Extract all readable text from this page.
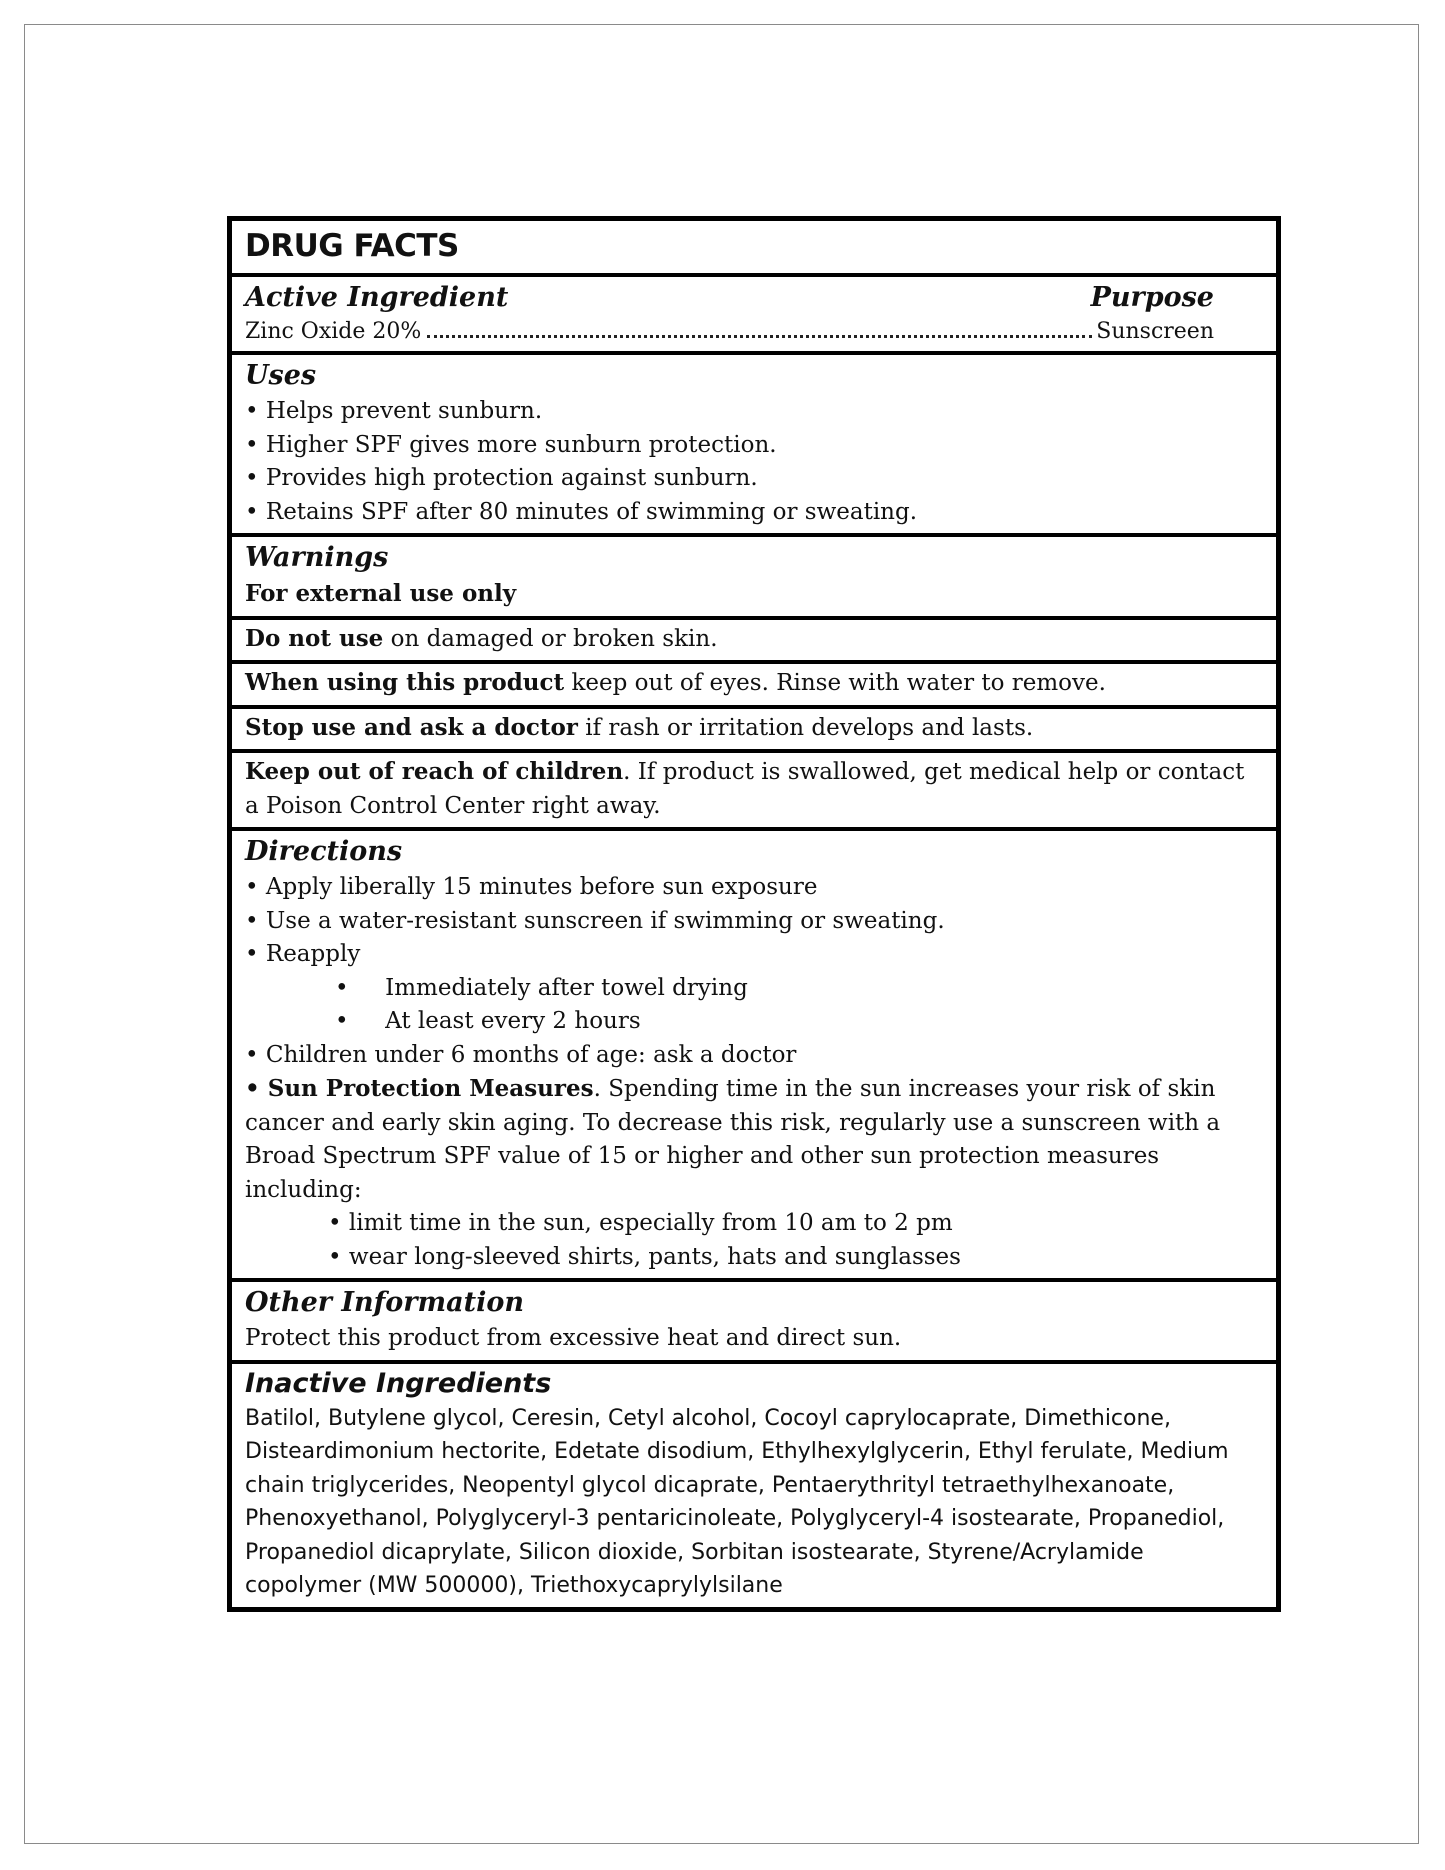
DRUG FACTS
Active Ingredient	Purpose
Zinc Oxide 20%	Sunscreen
Uses
• Helps prevent sunburn.
• Higher SPF gives more sunburn protection.
• Provides high protection against sunburn.
• Retains SPF after 80 minutes of swimming or sweating.
Warnings
For external use only
Do not use on damaged or broken skin.
When using this product keep out of eyes. Rinse with water to remove.
Stop use and ask a doctor if rash or irritation develops and lasts.
Keep out of reach of children. If product is swallowed, get medical help or contact a Poison Control Center right away.
Directions
• Apply liberally 15 minutes before sun exposure
• Use a water-resistant sunscreen if swimming or sweating.
• Reapply
•     Immediately after towel drying
•     At least every 2 hours
• Children under 6 months of age: ask a doctor
• Sun Protection Measures. Spending time in the sun increases your risk of skin cancer and early skin aging. To decrease this risk, regularly use a sunscreen with a Broad Spectrum SPF value of 15 or higher and other sun protection measures including:
• limit time in the sun, especially from 10 am to 2 pm
• wear long-sleeved shirts, pants, hats and sunglasses
Other Information
Protect this product from excessive heat and direct sun.
Inactive Ingredients
Batilol, Butylene glycol, Ceresin, Cetyl alcohol, Cocoyl caprylocaprate, Dimethicone, Disteardimonium hectorite, Edetate disodium, Ethylhexylglycerin, Ethyl ferulate, Medium chain triglycerides, Neopentyl glycol dicaprate, Pentaerythrityl tetraethylhexanoate, Phenoxyethanol, Polyglyceryl-3 pentaricinoleate, Polyglyceryl-4 isostearate, Propanediol, Propanediol dicaprylate, Silicon dioxide, Sorbitan isostearate, Styrene/Acrylamide copolymer (MW 500000), Triethoxycaprylylsilane
